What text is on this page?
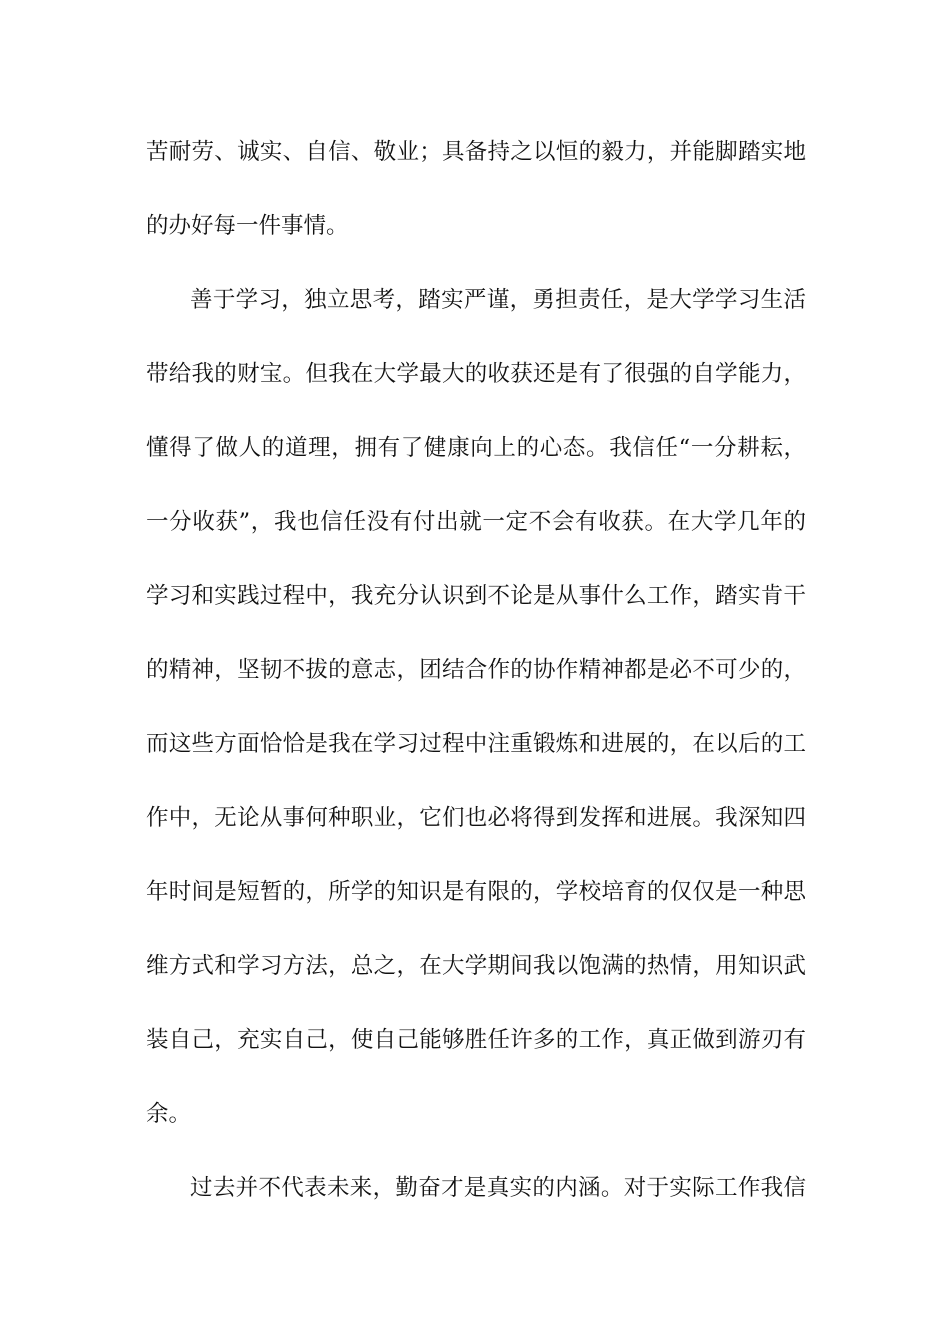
苦耐劳、诚实、自信、敬业；具备持之以恒的毅力，并能脚踏实地
的办好每一件事情。
善于学习，独立思考，踏实严谨，勇担责任，是大学学习生活
带给我的财宝。但我在大学最大的收获还是有了很强的自学能力，
懂得了做人的道理，拥有了健康向上的心态。我信任“一分耕耘，
一分收获”，我也信任没有付出就一定不会有收获。在大学几年的
学习和实践过程中，我充分认识到不论是从事什么工作，踏实肯干
的精神，坚韧不拔的意志，团结合作的协作精神都是必不可少的，
而这些方面恰恰是我在学习过程中注重锻炼和进展的，在以后的工
作中，无论从事何种职业，它们也必将得到发挥和进展。我深知四
年时间是短暂的，所学的知识是有限的，学校培育的仅仅是一种思
维方式和学习方法，总之，在大学期间我以饱满的热情，用知识武
装自己，充实自己，使自己能够胜任许多的工作，真正做到游刃有
余。
过去并不代表未来，勤奋才是真实的内涵。对于实际工作我信
